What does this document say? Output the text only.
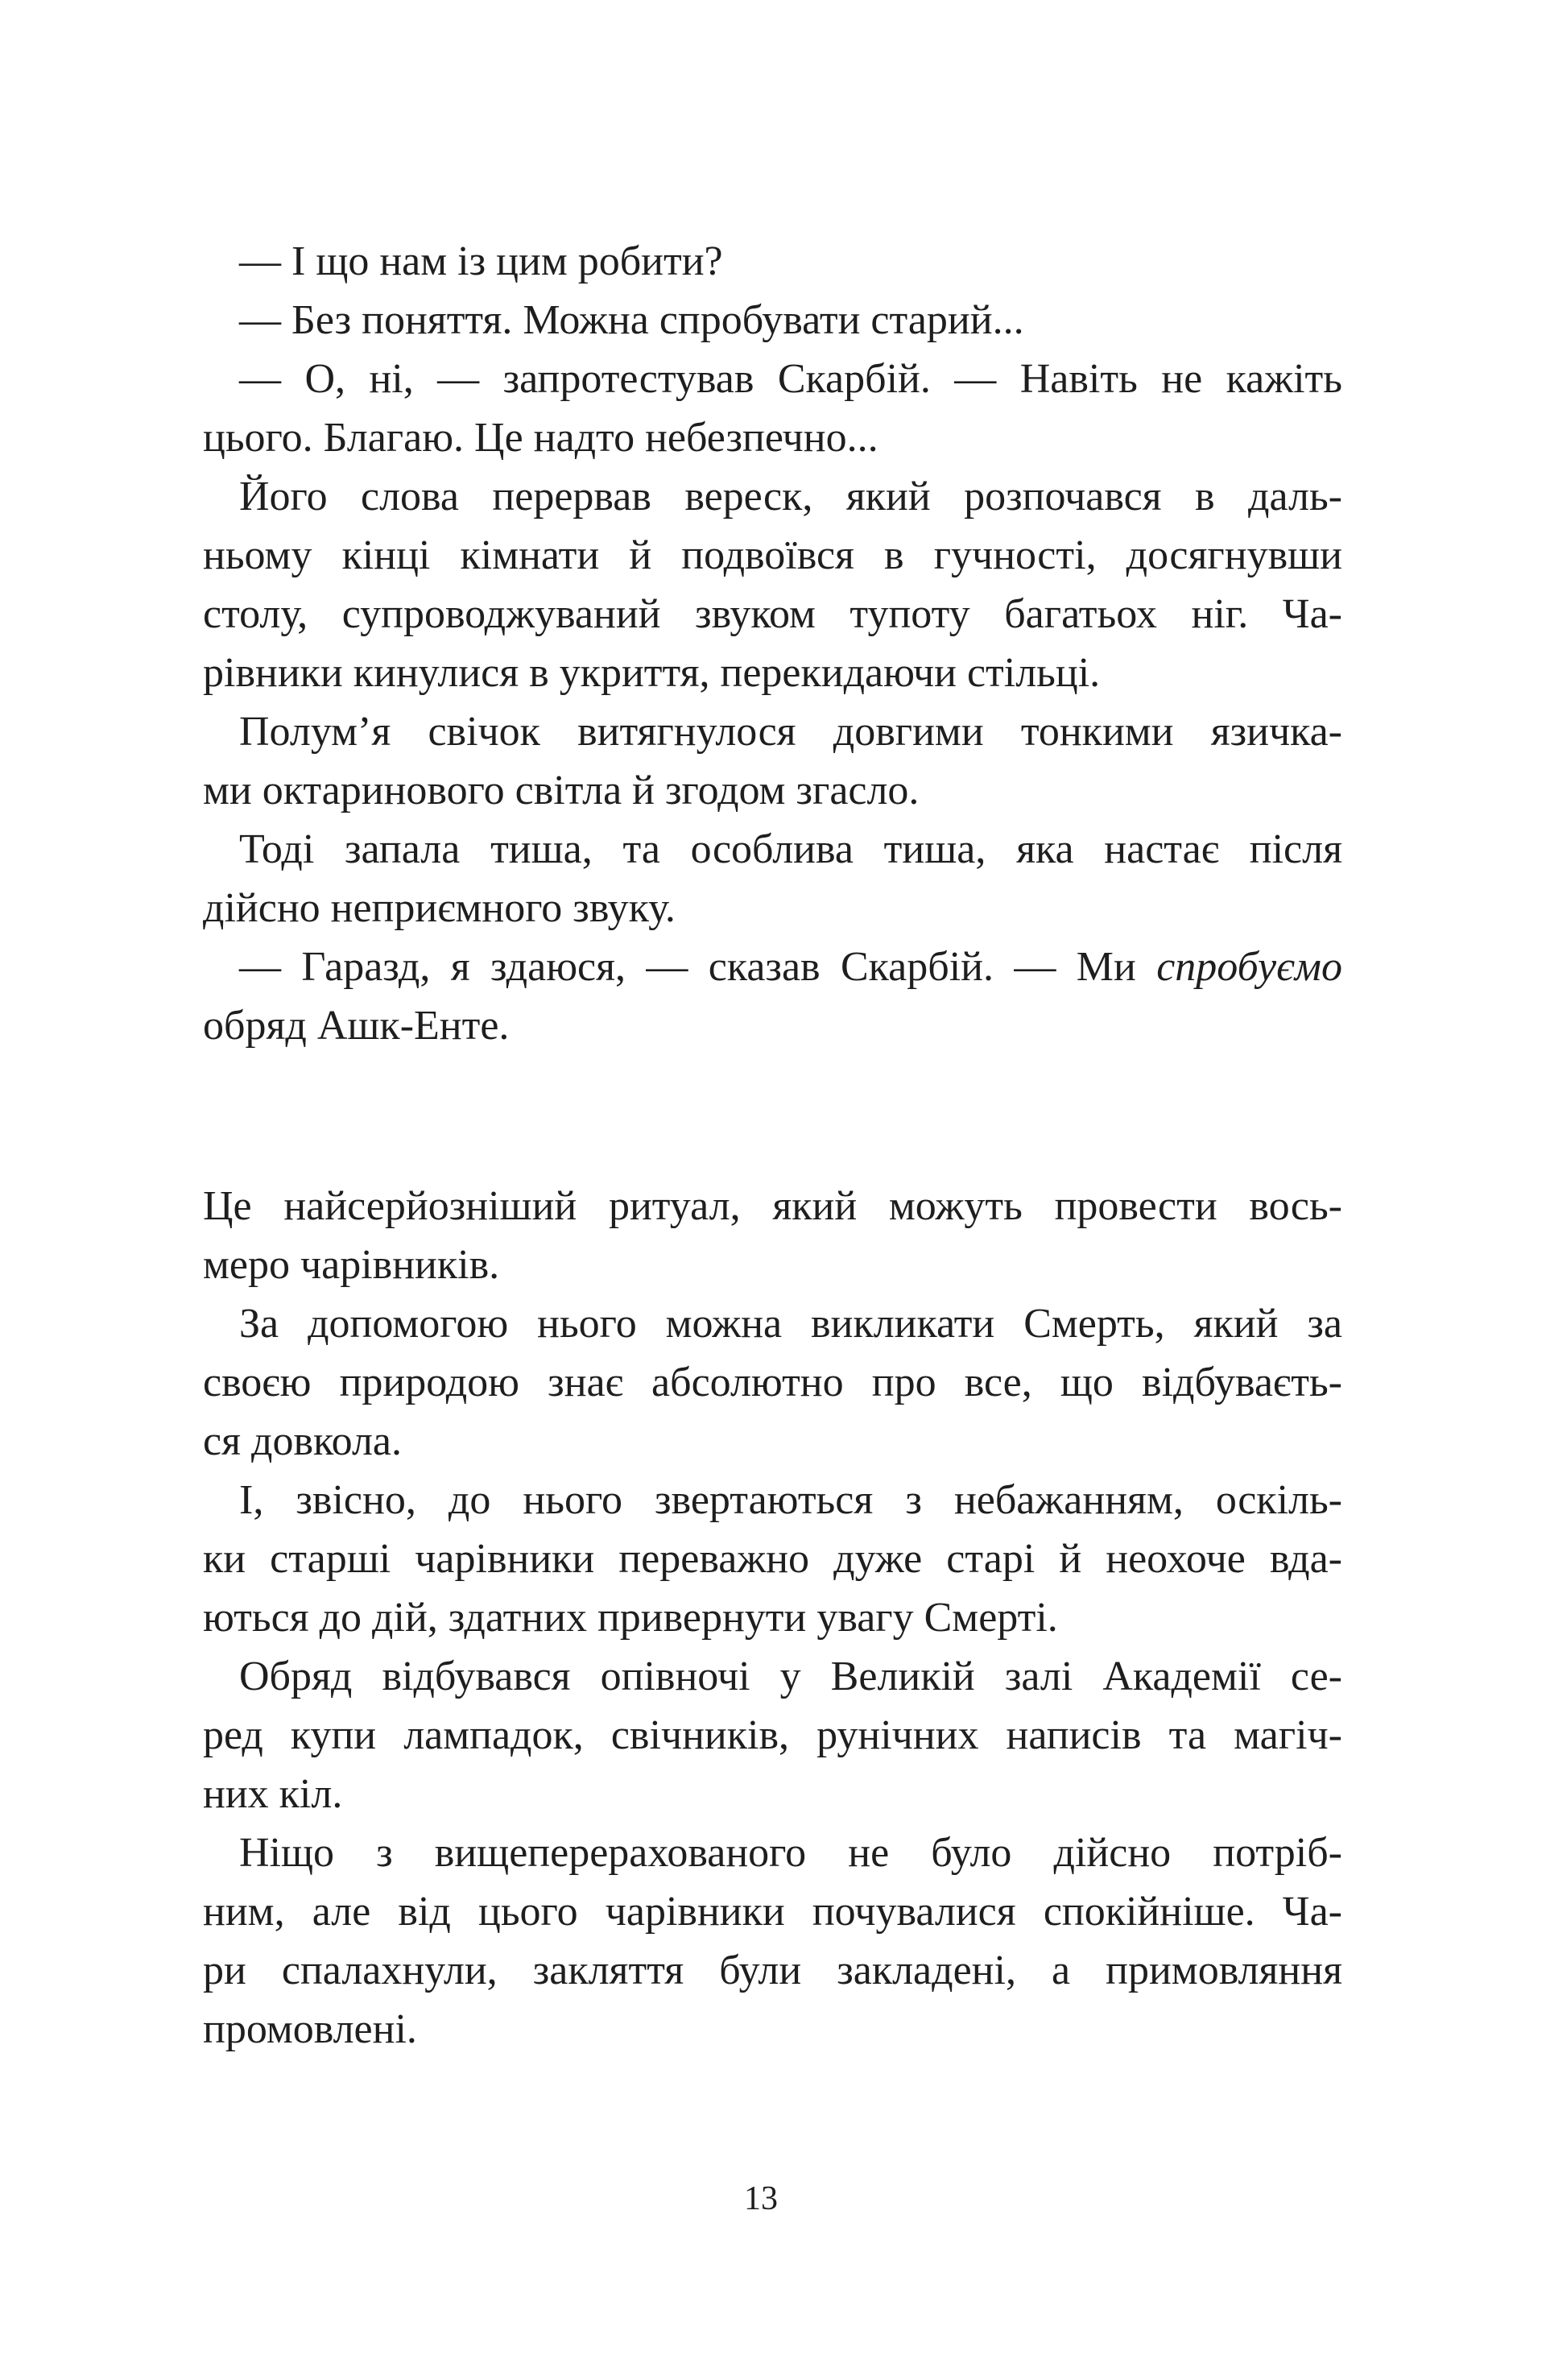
— І що нам із цим робити?
— Без поняття. Можна спробувати старий...
— О, ні, — запротестував Скарбій. — Навіть не кажіть
цього. Благаю. Це надто небезпечно...
Його слова перервав вереск, який розпочався в даль-
ньому кінці кімнати й подвоївся в гучності, досягнувши
столу, супроводжуваний звуком тупоту багатьох ніг. Ча-
рівники кинулися в укриття, перекидаючи стільці.
Полум’я свічок витягнулося довгими тонкими язичка-
ми октаринового світла й згодом згасло.
Тоді запала тиша, та особлива тиша, яка настає після
дійсно неприємного звуку.
— Гаразд, я здаюся, — сказав Скарбій. — Ми спробуємо
обряд Ашк-Енте.
Це найсерйозніший ритуал, який можуть провести вось-
меро чарівників.
За допомогою нього можна викликати Смерть, який за
своєю природою знає абсолютно про все, що відбуваєть-
ся довкола.
І, звісно, до нього звертаються з небажанням, оскіль-
ки старші чарівники переважно дуже старі й неохоче вда-
ються до дій, здатних привернути увагу Смерті.
Обряд відбувався опівночі у Великій залі Академії се-
ред купи лампадок, свічників, рунічних написів та магіч-
них кіл.
Ніщо з вищеперерахованого не було дійсно потріб-
ним, але від цього чарівники почувалися спокійніше. Ча-
ри спалахнули, закляття були закладені, а примовляння
промовлені.
13
